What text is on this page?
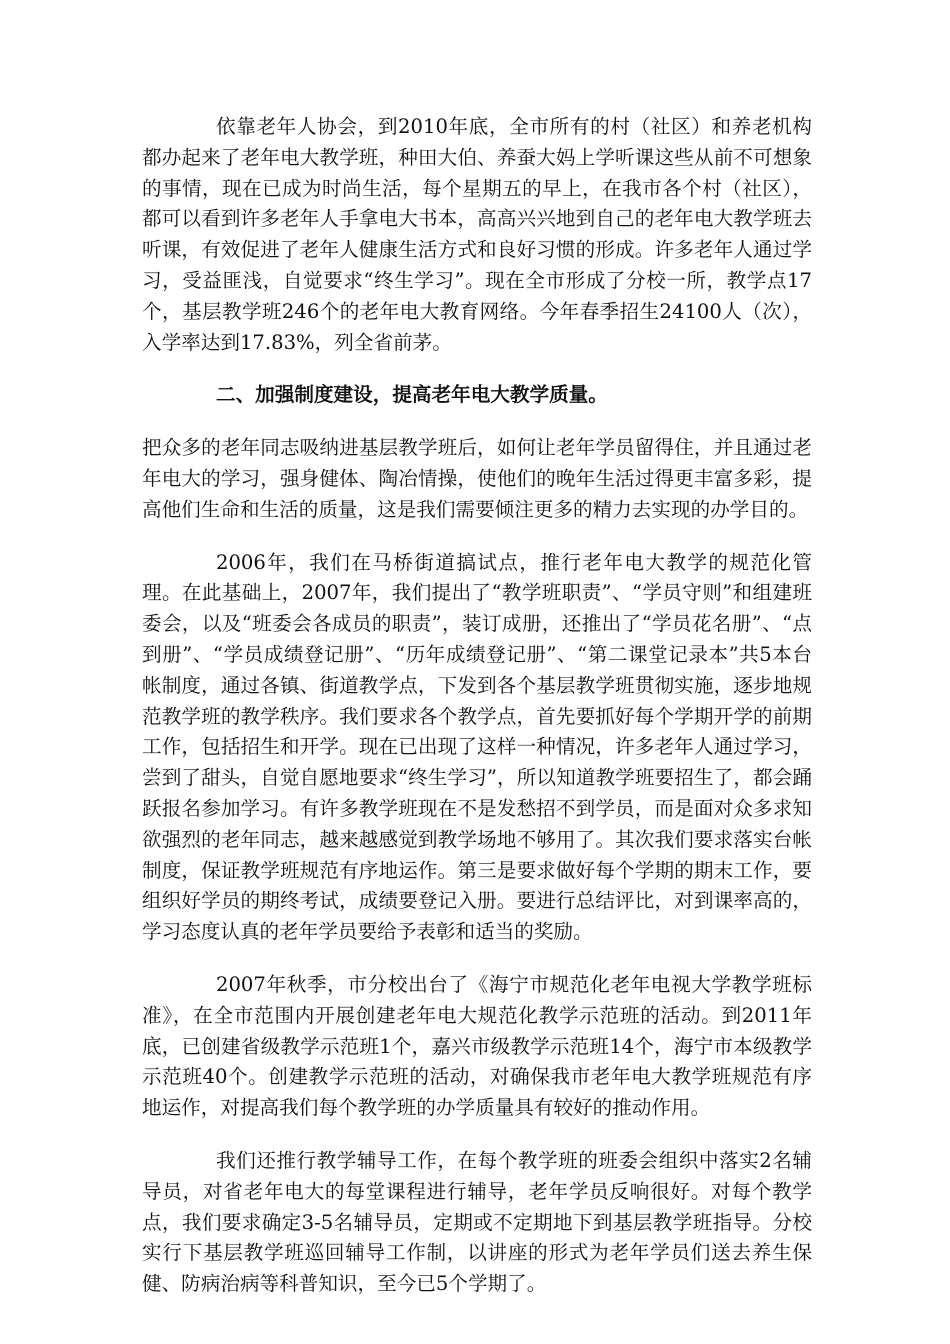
依靠老年人协会，到2010年底，全市所有的村（社区）和养老机构都办起来了老年电大教学班，种田大伯、养蚕大妈上学听课这些从前不可想象的事情，现在已成为时尚生活，每个星期五的早上，在我市各个村（社区），都可以看到许多老年人手拿电大书本，高高兴兴地到自己的老年电大教学班去听课，有效促进了老年人健康生活方式和良好习惯的形成。许多老年人通过学习，受益匪浅，自觉要求“终生学习”。现在全市形成了分校一所，教学点17个，基层教学班246个的老年电大教育网络。今年春季招生24100人（次），入学率达到17.83%，列全省前茅。

二、加强制度建设，提高老年电大教学质量。

把众多的老年同志吸纳进基层教学班后，如何让老年学员留得住，并且通过老年电大的学习，强身健体、陶冶情操，使他们的晚年生活过得更丰富多彩，提高他们生命和生活的质量，这是我们需要倾注更多的精力去实现的办学目的。

2006年，我们在马桥街道搞试点，推行老年电大教学的规范化管理。在此基础上，2007年，我们提出了“教学班职责”、“学员守则”和组建班委会，以及“班委会各成员的职责”，装订成册，还推出了“学员花名册”、“点到册”、“学员成绩登记册”、“历年成绩登记册”、“第二课堂记录本”共5本台帐制度，通过各镇、街道教学点，下发到各个基层教学班贯彻实施，逐步地规范教学班的教学秩序。我们要求各个教学点，首先要抓好每个学期开学的前期工作，包括招生和开学。现在已出现了这样一种情况，许多老年人通过学习，尝到了甜头，自觉自愿地要求“终生学习”，所以知道教学班要招生了，都会踊跃报名参加学习。有许多教学班现在不是发愁招不到学员，而是面对众多求知欲强烈的老年同志，越来越感觉到教学场地不够用了。其次我们要求落实台帐制度，保证教学班规范有序地运作。第三是要求做好每个学期的期末工作，要组织好学员的期终考试，成绩要登记入册。要进行总结评比，对到课率高的，学习态度认真的老年学员要给予表彰和适当的奖励。

2007年秋季，市分校出台了《海宁市规范化老年电视大学教学班标准》，在全市范围内开展创建老年电大规范化教学示范班的活动。到2011年底，已创建省级教学示范班1个，嘉兴市级教学示范班14个，海宁市本级教学示范班40个。创建教学示范班的活动，对确保我市老年电大教学班规范有序地运作，对提高我们每个教学班的办学质量具有较好的推动作用。

我们还推行教学辅导工作，在每个教学班的班委会组织中落实2名辅导员，对省老年电大的每堂课程进行辅导，老年学员反响很好。对每个教学点，我们要求确定3-5名辅导员，定期或不定期地下到基层教学班指导。分校实行下基层教学班巡回辅导工作制，以讲座的形式为老年学员们送去养生保健、防病治病等科普知识，至今已5个学期了。
